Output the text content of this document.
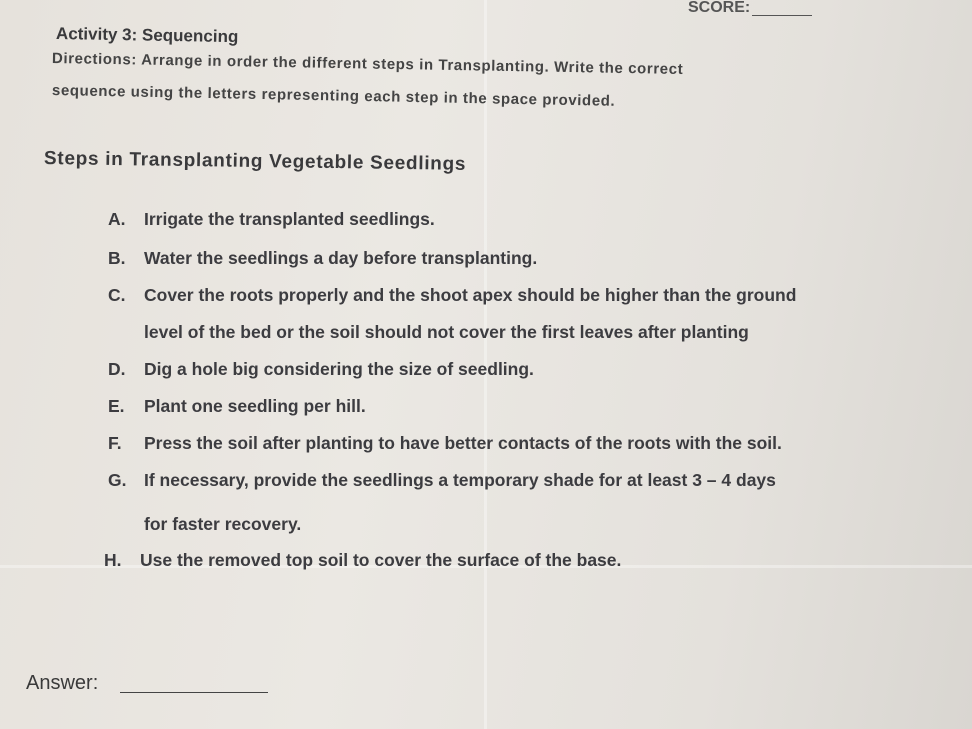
SCORE:
Activity 3: Sequencing
Directions: Arrange in order the different steps in Transplanting. Write the correct
sequence using the letters representing each step in the space provided.
Steps in Transplanting Vegetable Seedlings
A. Irrigate the transplanted seedlings.
B. Water the seedlings a day before transplanting.
C. Cover the roots properly and the shoot apex should be higher than the ground
level of the bed or the soil should not cover the first leaves after planting
D. Dig a hole big considering the size of seedling.
E. Plant one seedling per hill.
F. Press the soil after planting to have better contacts of the roots with the soil.
G. If necessary, provide the seedlings a temporary shade for at least 3 – 4 days
for faster recovery.
H. Use the removed top soil to cover the surface of the base.
Answer:
